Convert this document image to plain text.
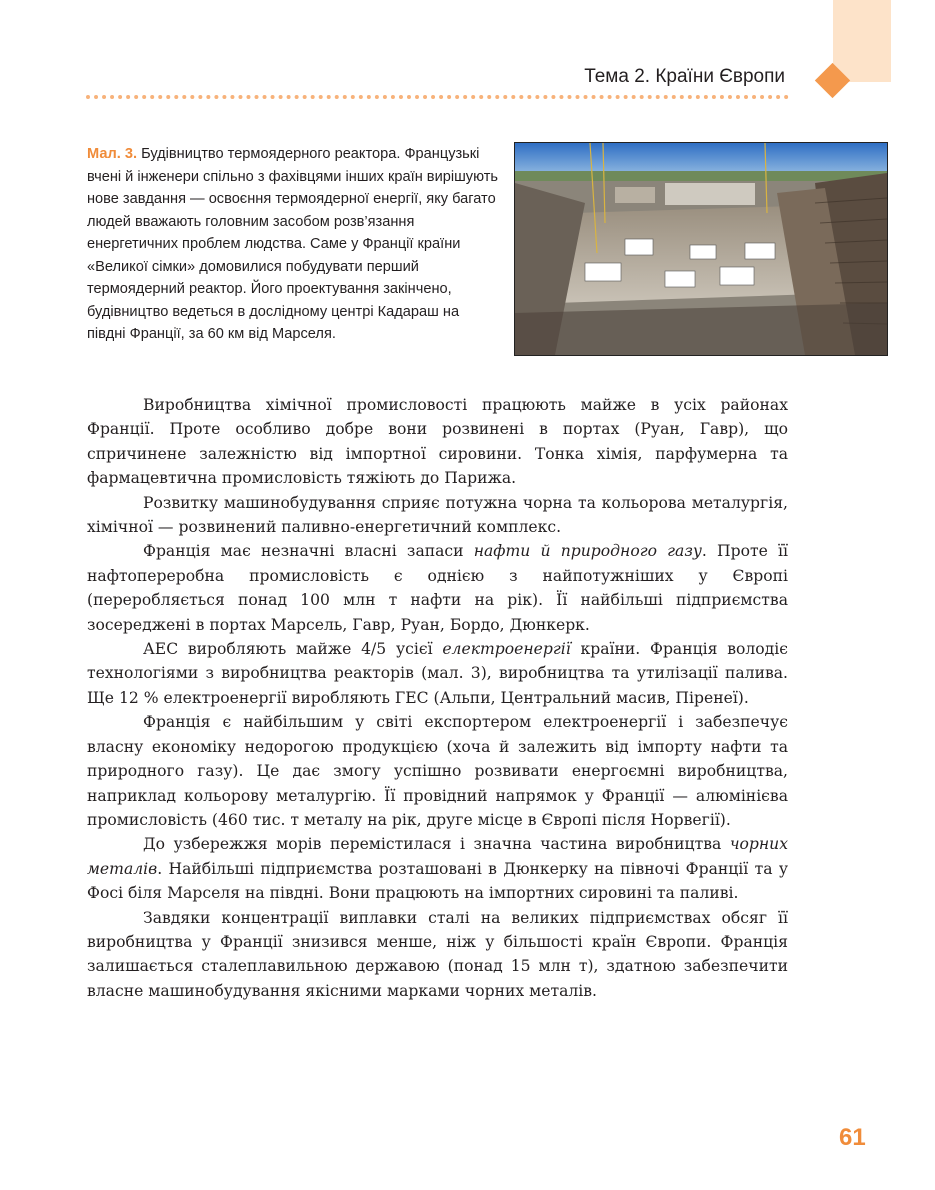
Тема 2. Країни Європи
Мал. 3. Будівництво термоядерного реактора. Французькі вчені й інженери спільно з фахівцями інших країн вирішують нове завдання — освоєння термоядерної енергії, яку багато людей вважають головним засобом розв’язання енергетичних проблем людства. Саме у Франції країни «Великої сімки» домовилися побудувати перший термоядерний реактор. Його проектування закінчено, будівництво ведеться в дослідному центрі Кадараш на півдні Франції, за 60 км від Марселя.

Виробництва хімічної промисловості працюють майже в усіх районах Франції. Проте особливо добре вони розвинені в портах (Руан, Гавр), що спричинене залежністю від імпортної сировини. Тонка хімія, парфумерна та фармацевтична промисловість тяжіють до Парижа.

Розвитку машинобудування сприяє потужна чорна та кольорова металургія, хімічної — розвинений паливно-енергетичний комплекс.

Франція має незначні власні запаси нафти й природного газу. Проте її нафтопереробна промисловість є однією з найпотужніших у Європі (переробляється понад 100 млн т нафти на рік). Її найбільші підприємства зосереджені в портах Марсель, Гавр, Руан, Бордо, Дюнкерк.

АЕС виробляють майже 4/5 усієї електроенергії країни. Франція володіє технологіями з виробництва реакторів (мал. 3), виробництва та утилізації палива. Ще 12 % електроенергії виробляють ГЕС (Альпи, Центральний масив, Піренеї).

Франція є найбільшим у світі експортером електроенергії і забезпечує власну економіку недорогою продукцією (хоча й залежить від імпорту нафти та природного газу). Це дає змогу успішно розвивати енергоємні виробництва, наприклад кольорову металургію. Її провідний напрямок у Франції — алюмінієва промисловість (460 тис. т металу на рік, друге місце в Європі після Норвегії).

До узбережжя морів перемістилася і значна частина виробництва чорних металів. Найбільші підприємства розташовані в Дюнкерку на півночі Франції та у Фосі біля Марселя на півдні. Вони працюють на імпортних сировині та паливі.

Завдяки концентрації виплавки сталі на великих підприємствах обсяг її виробництва у Франції знизився менше, ніж у більшості країн Європи. Франція залишається сталеплавильною державою (понад 15 млн т), здатною забезпечити власне машинобудування якісними марками чорних металів.

61
